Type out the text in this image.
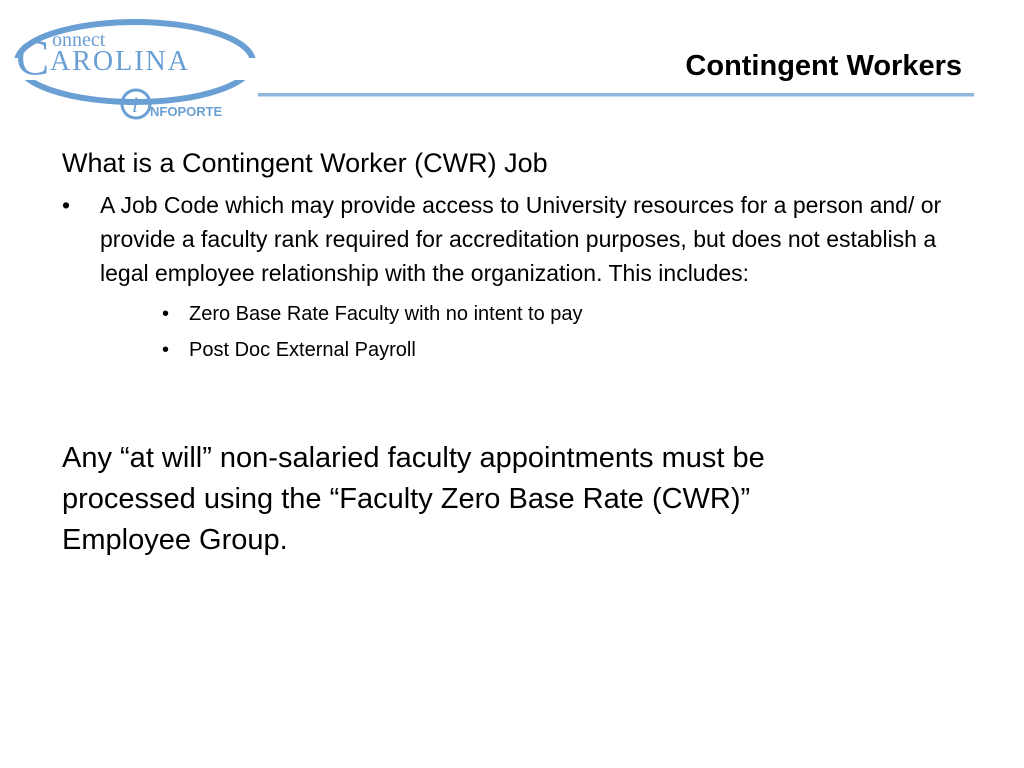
C onnect
AROLINA
i NFOPORTE
Contingent Workers

What is a Contingent Worker (CWR) Job

•	A Job Code which may provide access to University resources for a person and/ or provide a faculty rank required for accreditation purposes, but does not establish a legal employee relationship with the organization. This includes:
• Zero Base Rate Faculty with no intent to pay
• Post Doc External Payroll

Any “at will” non-salaried faculty appointments must be processed using the “Faculty Zero Base Rate (CWR)” Employee Group.
